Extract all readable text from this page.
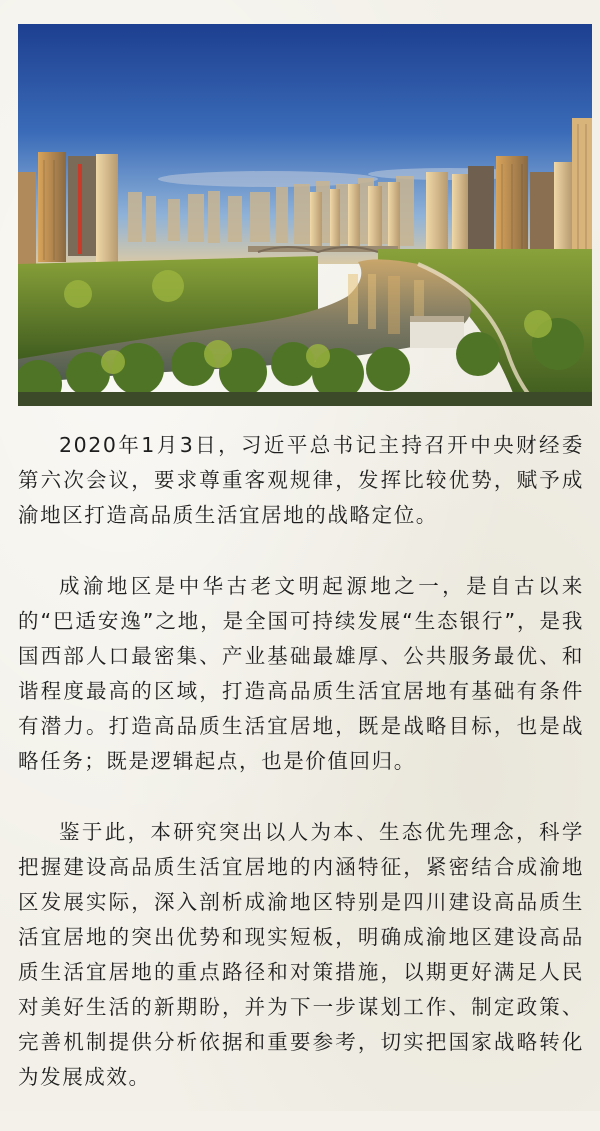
2020年1月3日，习近平总书记主持召开中央财经委第六次会议，要求尊重客观规律，发挥比较优势，赋予成渝地区打造高品质生活宜居地的战略定位。

成渝地区是中华古老文明起源地之一，是自古以来的“巴适安逸”之地，是全国可持续发展“生态银行”，是我国西部人口最密集、产业基础最雄厚、公共服务最优、和谐程度最高的区域，打造高品质生活宜居地有基础有条件有潜力。打造高品质生活宜居地，既是战略目标，也是战略任务；既是逻辑起点，也是价值回归。

鉴于此，本研究突出以人为本、生态优先理念，科学把握建设高品质生活宜居地的内涵特征，紧密结合成渝地区发展实际，深入剖析成渝地区特别是四川建设高品质生活宜居地的突出优势和现实短板，明确成渝地区建设高品质生活宜居地的重点路径和对策措施，以期更好满足人民对美好生活的新期盼，并为下一步谋划工作、制定政策、完善机制提供分析依据和重要参考，切实把国家战略转化为发展成效。
